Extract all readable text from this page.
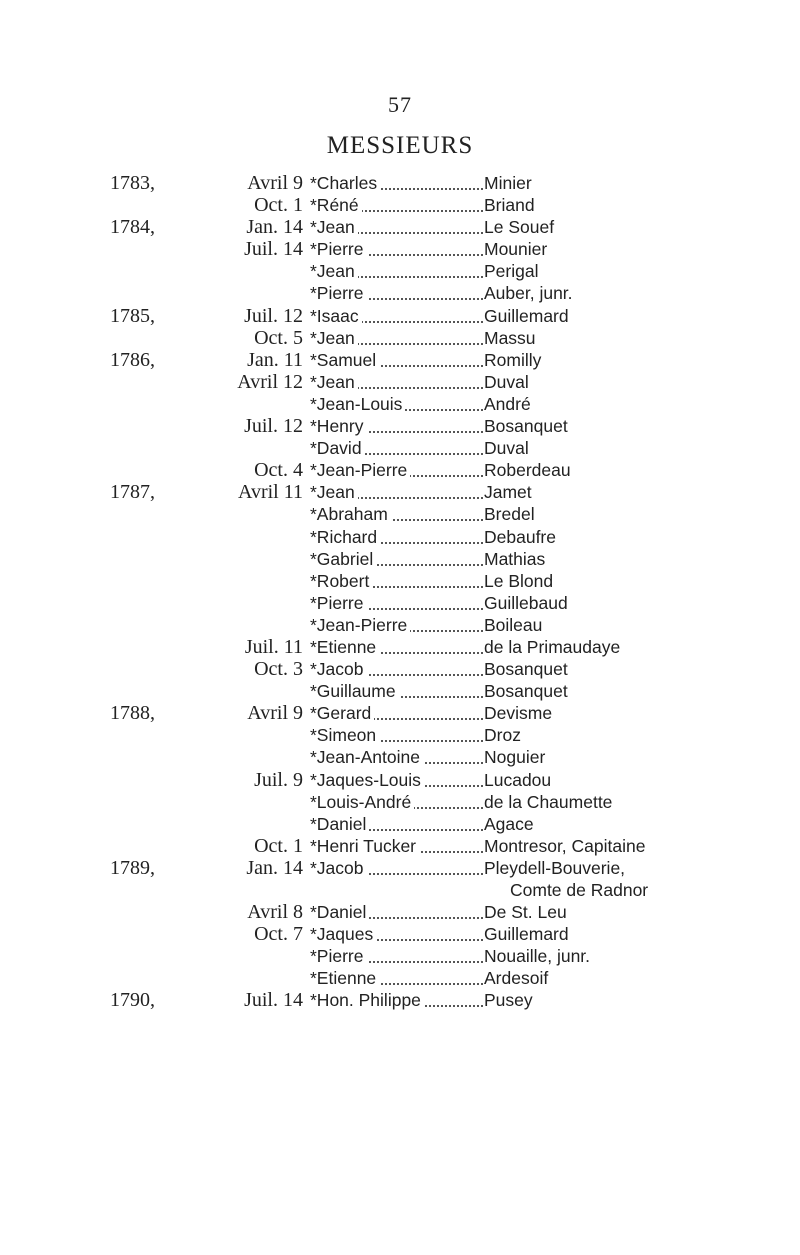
57
MESSIEURS
1783,	Avril 9 *Charles	Minier
Oct. 1 *Réné	Briand
1784,	Jan. 14 *Jean	Le Souef
Juil. 14 *Pierre	Mounier
*Jean	Perigal
*Pierre	Auber, junr.
1785,	Juil. 12 *Isaac	Guillemard
Oct. 5 *Jean	Massu
1786,	Jan. 11 *Samuel	Romilly
Avril 12 *Jean	Duval
*Jean-Louis	André
Juil. 12 *Henry	Bosanquet
*David	Duval
Oct. 4 *Jean-Pierre	Roberdeau
1787,	Avril 11 *Jean	Jamet
*Abraham	Bredel
*Richard	Debaufre
*Gabriel	Mathias
*Robert	Le Blond
*Pierre	Guillebaud
*Jean-Pierre	Boileau
Juil. 11 *Etienne	de la Primaudaye
Oct. 3 *Jacob	Bosanquet
*Guillaume	Bosanquet
1788,	Avril 9 *Gerard	Devisme
*Simeon	Droz
*Jean-Antoine	Noguier
Juil. 9 *Jaques-Louis	Lucadou
*Louis-André	de la Chaumette
*Daniel	Agace
Oct. 1 *Henri Tucker	Montresor, Capitaine
1789,	Jan. 14 *Jacob	Pleydell-Bouverie,
Comte de Radnor
Avril 8 *Daniel	De St. Leu
Oct. 7 *Jaques	Guillemard
*Pierre	Nouaille, junr.
*Etienne	Ardesoif
1790,	Juil. 14 *Hon. Philippe	Pusey
